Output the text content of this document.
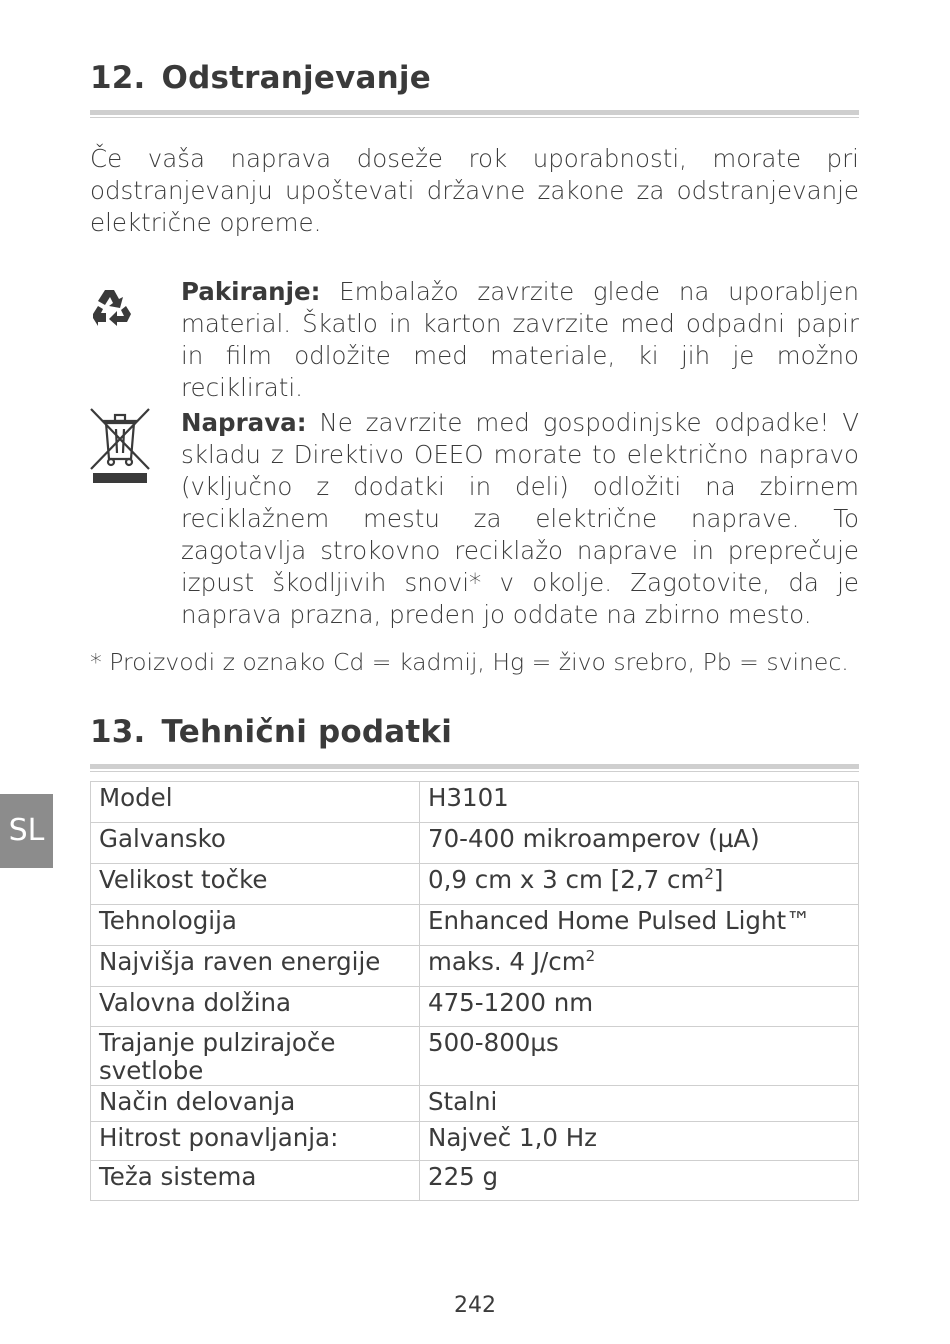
12. Odstranjevanje

Če vaša naprava doseže rok uporabnosti, morate pri odstranjevanju upoštevati državne zakone za odstranjevanje električne opreme.

Pakiranje: Embalažo zavrzite glede na uporabljen material. Škatlo in karton zavrzite med odpadni papir in film odložite med materiale, ki jih je možno reciklirati.

Naprava: Ne zavrzite med gospodinjske odpadke! V skladu z Direktivo OEEO morate to električno napravo (vključno z dodatki in deli) odložiti na zbirnem reciklažnem mestu za električne naprave. To zagotavlja strokovno reciklažo naprave in preprečuje izpust škodljivih snovi* v okolje. Zagotovite, da je naprava prazna, preden jo oddate na zbirno mesto.

* Proizvodi z oznako Cd = kadmij, Hg = živo srebro, Pb = svinec.

13. Tehnični podatki
SL
Model	H3101
Galvansko	70-400 mikroamperov (µA)
Velikost točke	0,9 cm x 3 cm [2,7 $cm^2$]
Tehnologija	Enhanced Home Pulsed Light™
Najvišja raven energije	maks. 4 $J/cm^2$
Valovna dolžina	475-1200 nm
Trajanje pulzirajoče svetlobe	500-800µs
Način delovanja	Stalni
Hitrost ponavljanja:	Največ 1,0 Hz
Teža sistema	225 g
242
